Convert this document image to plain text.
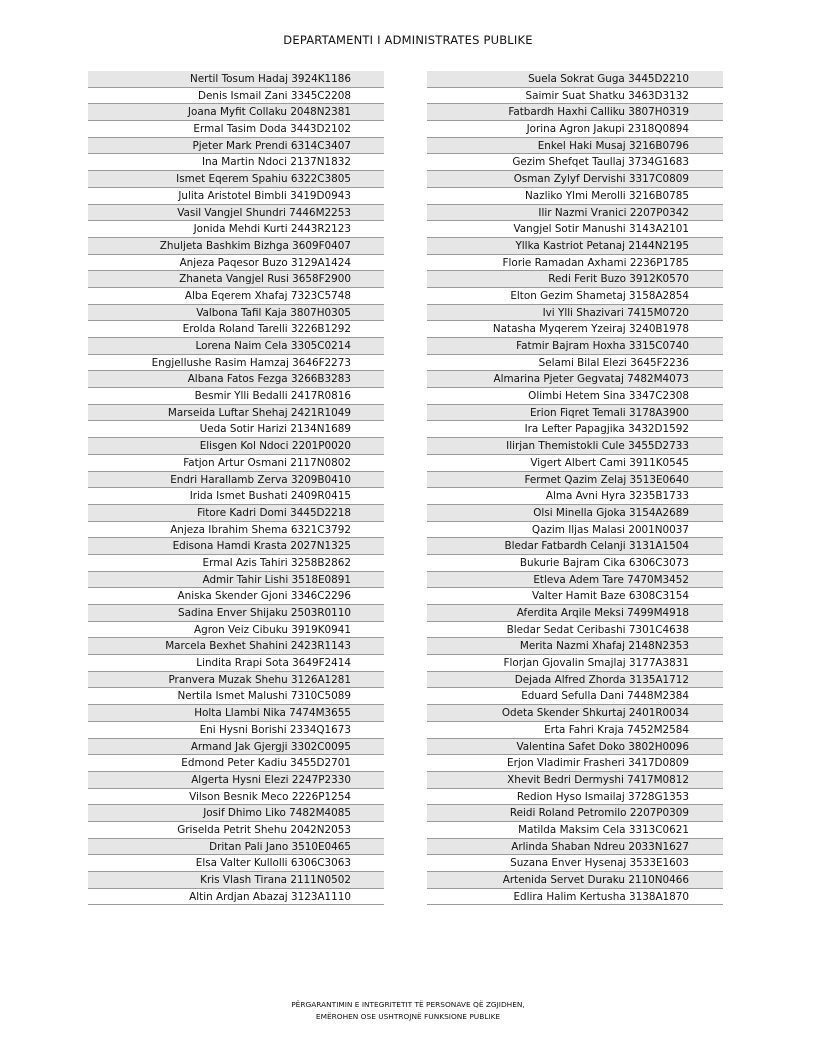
DEPARTAMENTI I ADMINISTRATES PUBLIKE
Nertil Tosum Hadaj 3924K1186
Denis Ismail Zani 3345C2208
Joana Myfit Collaku 2048N2381
Ermal Tasim Doda 3443D2102
Pjeter Mark Prendi 6314C3407
Ina Martin Ndoci 2137N1832
Ismet Eqerem Spahiu 6322C3805
Julita Aristotel Bimbli 3419D0943
Vasil Vangjel Shundri 7446M2253
Jonida Mehdi Kurti 2443R2123
Zhuljeta Bashkim Bizhga 3609F0407
Anjeza Paqesor Buzo 3129A1424
Zhaneta Vangjel Rusi 3658F2900
Alba Eqerem Xhafaj 7323C5748
Valbona Tafil Kaja 3807H0305
Erolda Roland Tarelli 3226B1292
Lorena Naim Cela 3305C0214
Engjellushe Rasim Hamzaj 3646F2273
Albana Fatos Fezga 3266B3283
Besmir Ylli Bedalli 2417R0816
Marseida Luftar Shehaj 2421R1049
Ueda Sotir Harizi 2134N1689
Elisgen Kol Ndoci 2201P0020
Fatjon Artur Osmani 2117N0802
Endri Harallamb Zerva 3209B0410
Irida Ismet Bushati 2409R0415
Fitore Kadri Domi 3445D2218
Anjeza Ibrahim Shema 6321C3792
Edisona Hamdi Krasta 2027N1325
Ermal Azis Tahiri 3258B2862
Admir Tahir Lishi 3518E0891
Aniska Skender Gjoni 3346C2296
Sadina Enver Shijaku 2503R0110
Agron Veiz Cibuku 3919K0941
Marcela Bexhet Shahini 2423R1143
Lindita Rrapi Sota 3649F2414
Pranvera Muzak Shehu 3126A1281
Nertila Ismet Malushi 7310C5089
Holta Llambi Nika 7474M3655
Eni Hysni Borishi 2334Q1673
Armand Jak Gjergji 3302C0095
Edmond Peter Kadiu 3455D2701
Algerta Hysni Elezi 2247P2330
Vilson Besnik Meco 2226P1254
Josif Dhimo Liko 7482M4085
Griselda Petrit Shehu 2042N2053
Dritan Pali Jano 3510E0465
Elsa Valter Kullolli 6306C3063
Kris Vlash Tirana 2111N0502
Altin Ardjan Abazaj 3123A1110
Suela Sokrat Guga 3445D2210
Saimir Suat Shatku 3463D3132
Fatbardh Haxhi Calliku 3807H0319
Jorina Agron Jakupi 2318Q0894
Enkel Haki Musaj 3216B0796
Gezim Shefqet Taullaj 3734G1683
Osman Zylyf Dervishi 3317C0809
Nazliko Ylmi Merolli 3216B0785
Ilir Nazmi Vranici 2207P0342
Vangjel Sotir Manushi 3143A2101
Yllka Kastriot Petanaj 2144N2195
Florie Ramadan Axhami 2236P1785
Redi Ferit Buzo 3912K0570
Elton Gezim Shametaj 3158A2854
Ivi Ylli Shazivari 7415M0720
Natasha Myqerem Yzeiraj 3240B1978
Fatmir Bajram Hoxha 3315C0740
Selami Bilal Elezi 3645F2236
Almarina Pjeter Gegvataj 7482M4073
Olimbi Hetem Sina 3347C2308
Erion Fiqret Temali 3178A3900
Ira Lefter Papagjika 3432D1592
Ilirjan Themistokli Cule 3455D2733
Vigert Albert Cami 3911K0545
Fermet Qazim Zelaj 3513E0640
Alma Avni Hyra 3235B1733
Olsi Minella Gjoka 3154A2689
Qazim Iljas Malasi 2001N0037
Bledar Fatbardh Celanji 3131A1504
Bukurie Bajram Cika 6306C3073
Etleva Adem Tare 7470M3452
Valter Hamit Baze 6308C3154
Aferdita Arqile Meksi 7499M4918
Bledar Sedat Ceribashi 7301C4638
Merita Nazmi Xhafaj 2148N2353
Florjan Gjovalin Smajlaj 3177A3831
Dejada Alfred Zhorda 3135A1712
Eduard Sefulla Dani 7448M2384
Odeta Skender Shkurtaj 2401R0034
Erta Fahri Kraja 7452M2584
Valentina Safet Doko 3802H0096
Erjon Vladimir Frasheri 3417D0809
Xhevit Bedri Dermyshi 7417M0812
Redion Hyso Ismailaj 3728G1353
Reidi Roland Petromilo 2207P0309
Matilda Maksim Cela 3313C0621
Arlinda Shaban Ndreu 2033N1627
Suzana Enver Hysenaj 3533E1603
Artenida Servet Duraku 2110N0466
Edlira Halim Kertusha 3138A1870
PËRGARANTIMIN E INTEGRITETIT TË PERSONAVE QË ZGJIDHEN,
EMËROHEN OSE USHTROJNË FUNKSIONE PUBLIKE
